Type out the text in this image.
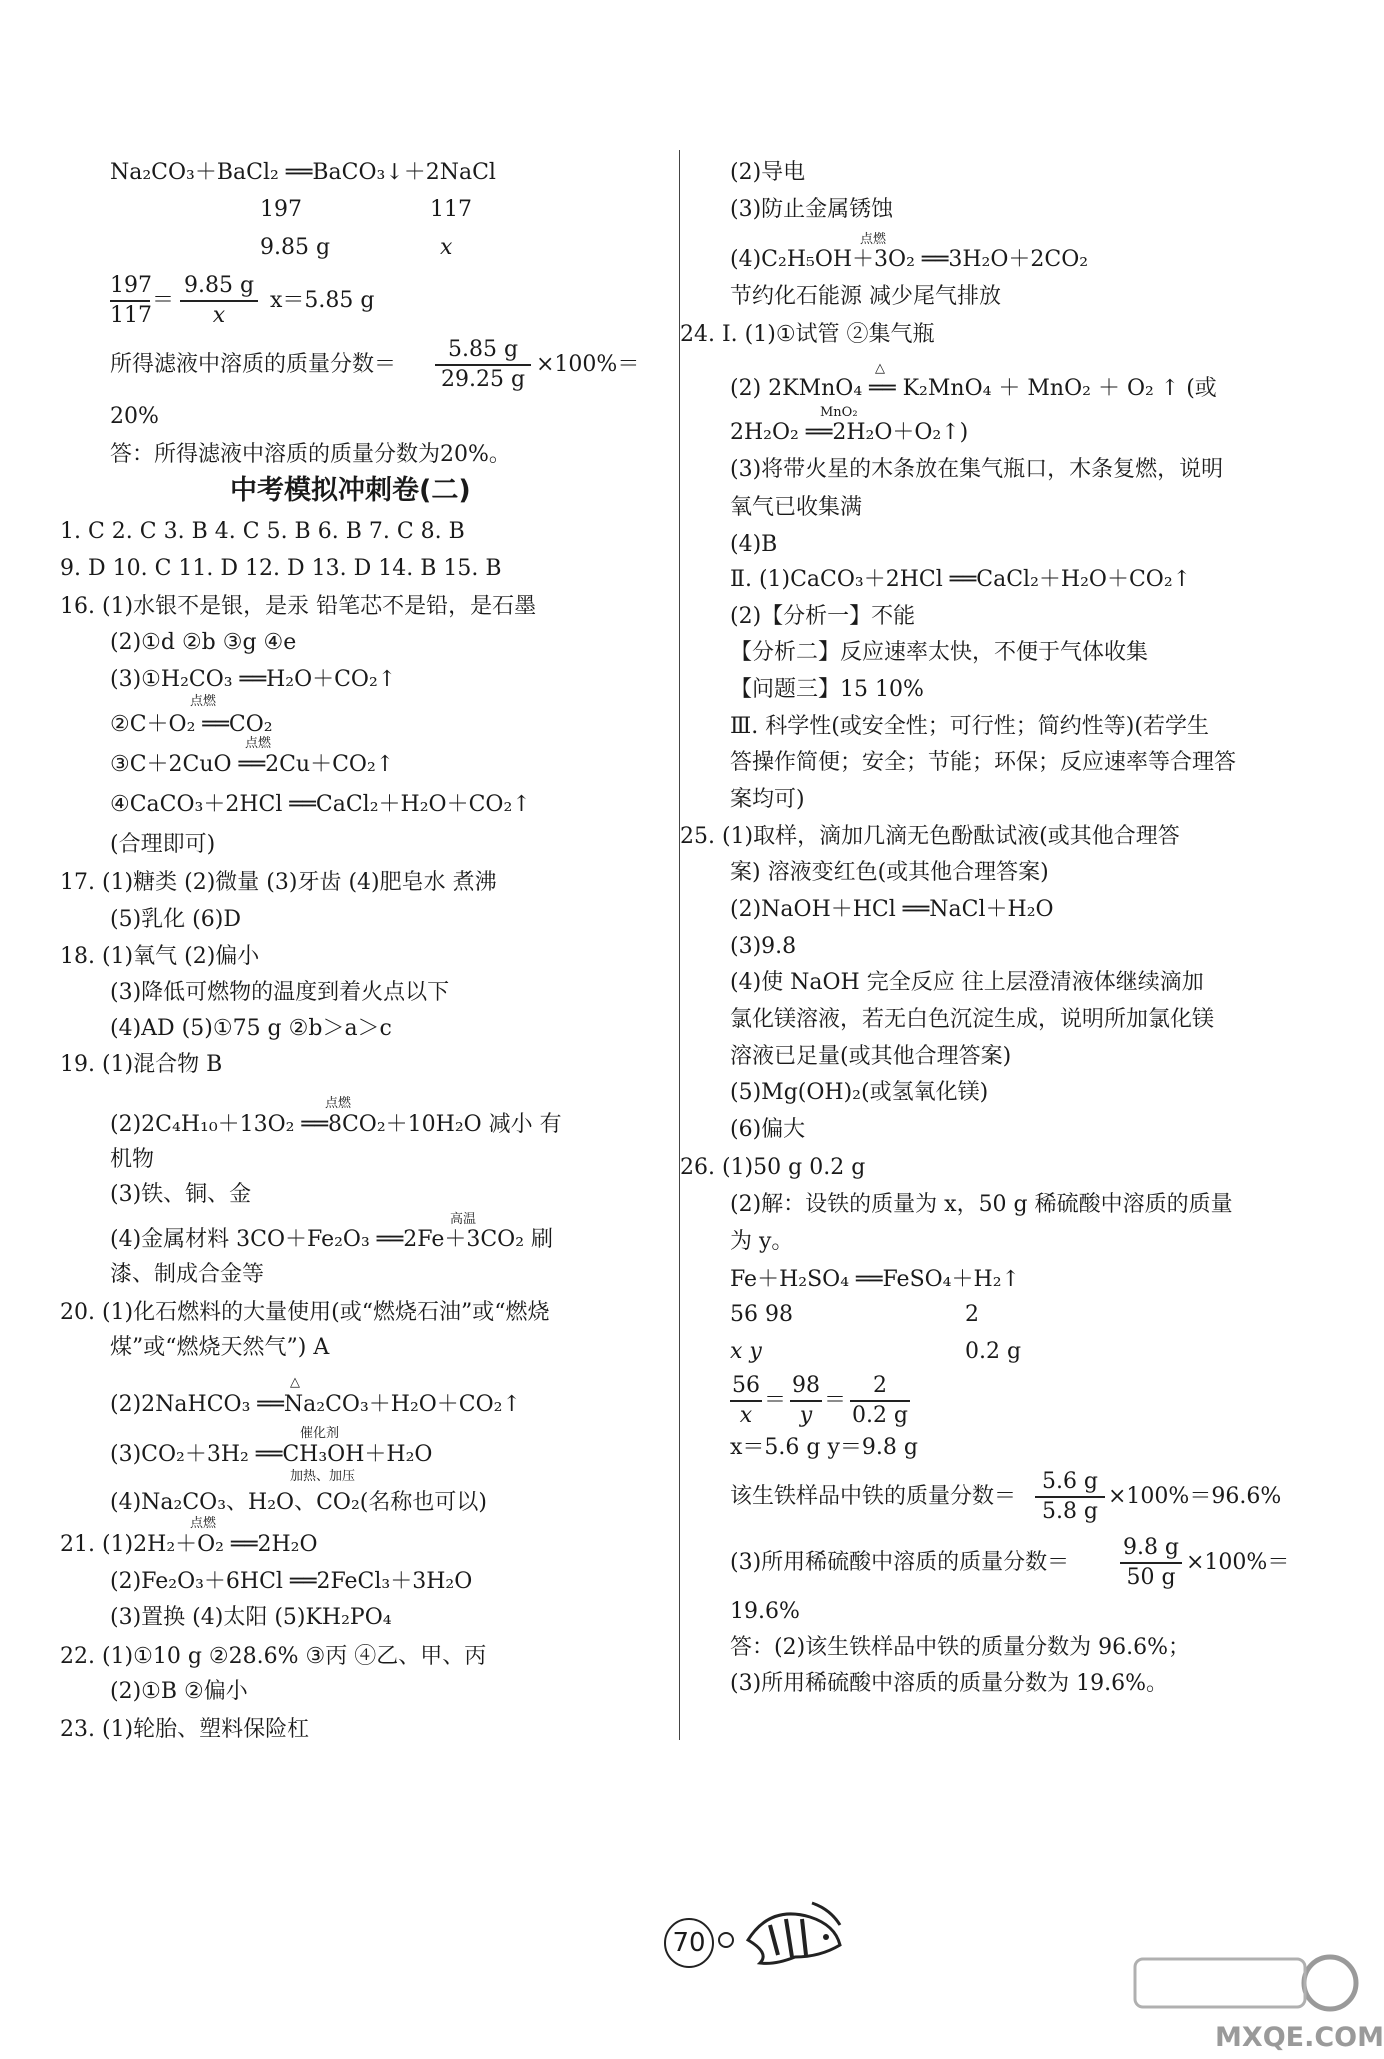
Na₂CO₃＋BaCl₂ ══BaCO₃↓＋2NaCl
197	117
9.85 g	x
197
117
＝
9.85 g
x
x＝5.85 g
所得滤液中溶质的质量分数＝
5.85 g
29.25 g
×100%＝
20%
答：所得滤液中溶质的质量分数为20%。
中考模拟冲刺卷(二)
1. C 2. C 3. B 4. C 5. B 6. B 7. C 8. B
9. D 10. C 11. D 12. D 13. D 14. B 15. B
16. (1)水银不是银，是汞 铅笔芯不是铅，是石墨
(2)①d ②b ③g ④e
(3)①H₂CO₃ ══H₂O＋CO₂↑
点燃
②C＋O₂ ══CO₂
点燃
③C＋2CuO ══2Cu＋CO₂↑
④CaCO₃＋2HCl ══CaCl₂＋H₂O＋CO₂↑
(合理即可)
17. (1)糖类 (2)微量 (3)牙齿 (4)肥皂水 煮沸
(5)乳化 (6)D
18. (1)氧气 (2)偏小
(3)降低可燃物的温度到着火点以下
(4)AD (5)①75 g ②b＞a＞c
19. (1)混合物 B
点燃
(2)2C₄H₁₀＋13O₂ ══8CO₂＋10H₂O 减小 有
机物
(3)铁、铜、金
高温
(4)金属材料 3CO＋Fe₂O₃ ══2Fe＋3CO₂ 刷
漆、制成合金等
20. (1)化石燃料的大量使用(或“燃烧石油”或“燃烧
煤”或“燃烧天然气”) A
△
(2)2NaHCO₃ ══Na₂CO₃＋H₂O＋CO₂↑
催化剂
(3)CO₂＋3H₂ ══CH₃OH＋H₂O
加热、加压
(4)Na₂CO₃、H₂O、CO₂(名称也可以)
点燃
21. (1)2H₂＋O₂ ══2H₂O
(2)Fe₂O₃＋6HCl ══2FeCl₃＋3H₂O
(3)置换 (4)太阳 (5)KH₂PO₄
22. (1)①10 g ②28.6% ③丙 ④乙、甲、丙
(2)①B ②偏小
23. (1)轮胎、塑料保险杠
(2)导电
(3)防止金属锈蚀
点燃
(4)C₂H₅OH＋3O₂ ══3H₂O＋2CO₂
节约化石能源 减少尾气排放
24. Ⅰ. (1)①试管 ②集气瓶
△
(2) 2KMnO₄ ══ K₂MnO₄ ＋ MnO₂ ＋ O₂ ↑ (或
MnO₂
2H₂O₂ ══2H₂O＋O₂↑)
(3)将带火星的木条放在集气瓶口，木条复燃，说明
氧气已收集满
(4)B
Ⅱ. (1)CaCO₃＋2HCl ══CaCl₂＋H₂O＋CO₂↑
(2)【分析一】不能
【分析二】反应速率太快，不便于气体收集
【问题三】15 10%
Ⅲ. 科学性(或安全性；可行性；简约性等)(若学生
答操作简便；安全；节能；环保；反应速率等合理答
案均可)
25. (1)取样，滴加几滴无色酚酞试液(或其他合理答
案) 溶液变红色(或其他合理答案)
(2)NaOH＋HCl ══NaCl＋H₂O
(3)9.8
(4)使 NaOH 完全反应 往上层澄清液体继续滴加
氯化镁溶液，若无白色沉淀生成，说明所加氯化镁
溶液已足量(或其他合理答案)
(5)Mg(OH)₂(或氢氧化镁)
(6)偏大
26. (1)50 g 0.2 g
(2)解：设铁的质量为 x，50 g 稀硫酸中溶质的质量
为 y。
Fe＋H₂SO₄ ══FeSO₄＋H₂↑
56 98	2
x y	0.2 g
56
x
＝
98
y
＝
2
0.2 g
x＝5.6 g y＝9.8 g
该生铁样品中铁的质量分数＝
5.6 g
5.8 g
×100%＝96.6%
(3)所用稀硫酸中溶质的质量分数＝
9.8 g
50 g
×100%＝
19.6%
答：(2)该生铁样品中铁的质量分数为 96.6%；
(3)所用稀硫酸中溶质的质量分数为 19.6%。
70
MXQE.COM
